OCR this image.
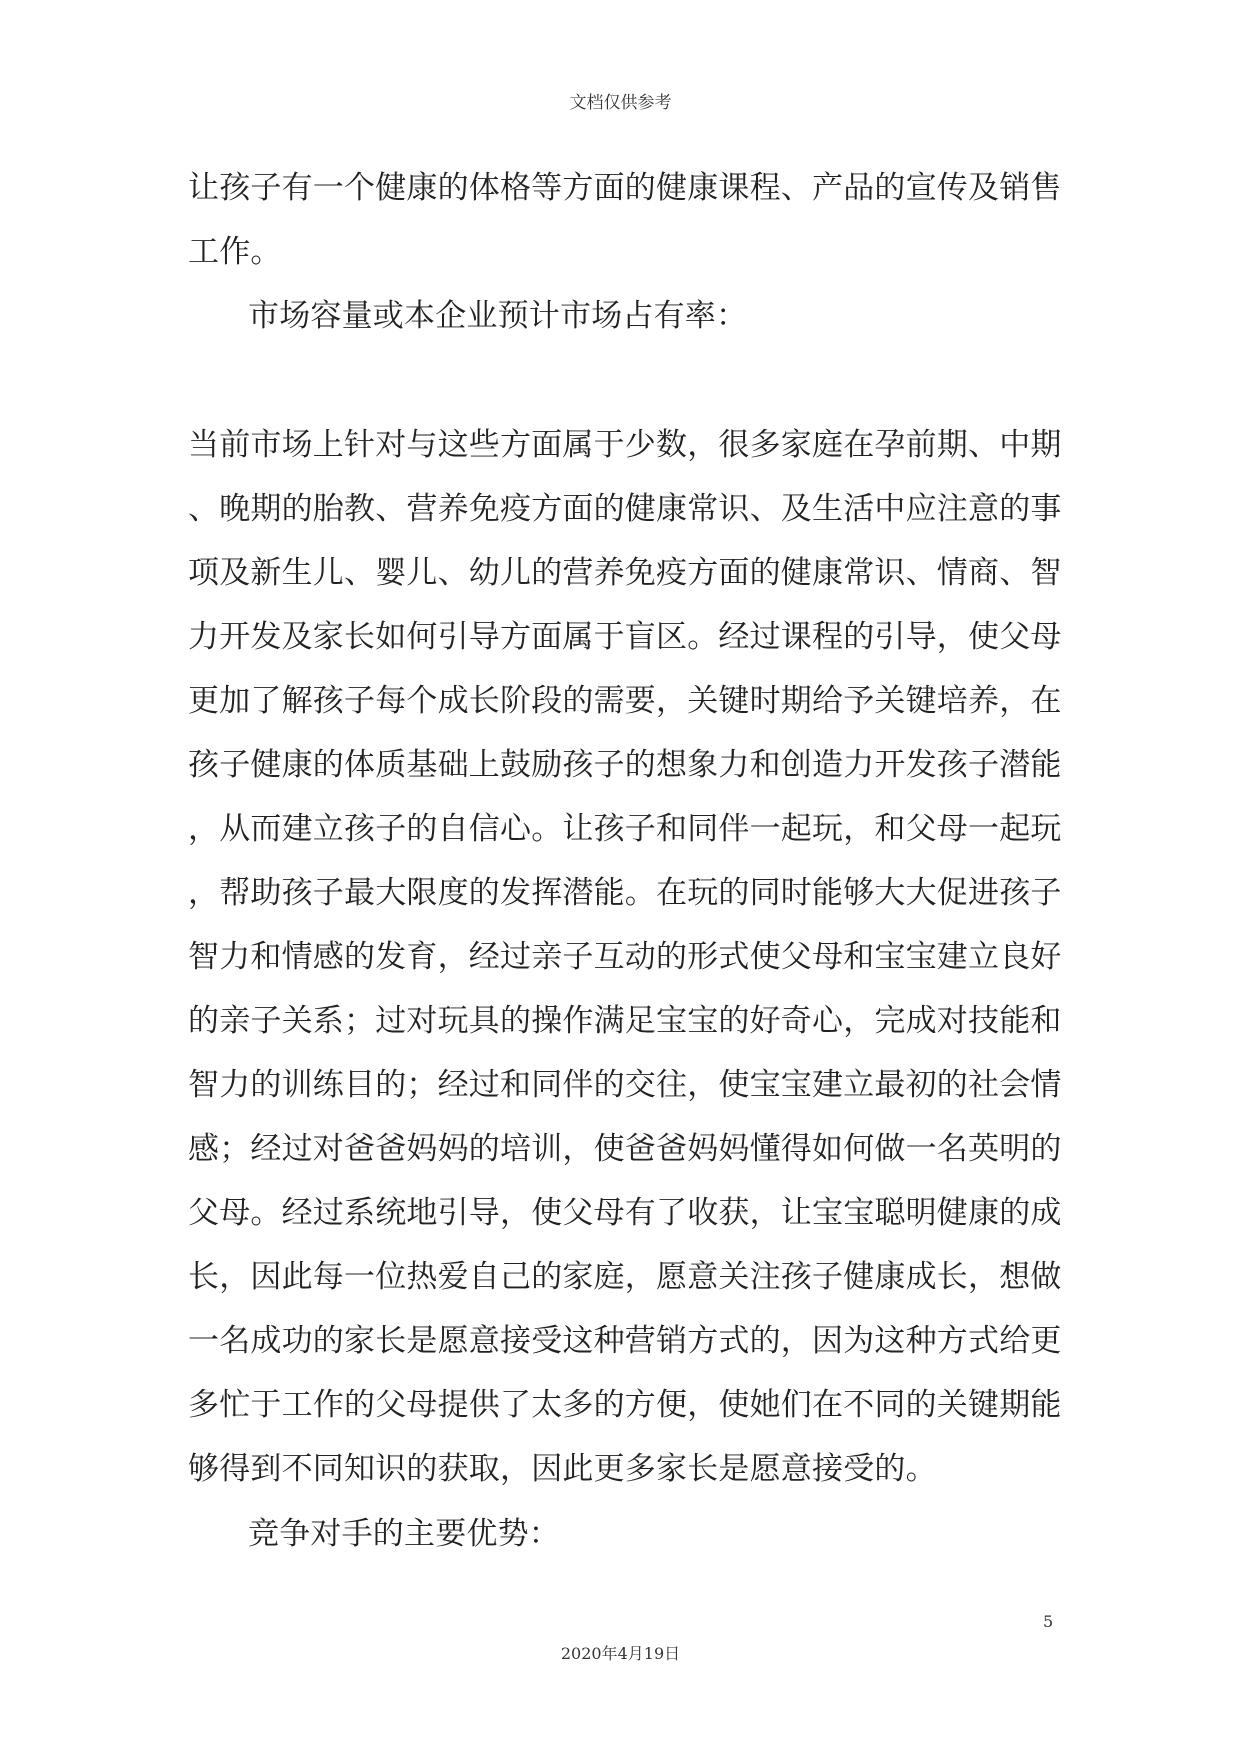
文档仅供参考
让孩子有一个健康的体格等方面的健康课程、产品的宣传及销售
工作。
市场容量或本企业预计市场占有率：
当前市场上针对与这些方面属于少数，很多家庭在孕前期、中期
、晚期的胎教、营养免疫方面的健康常识、及生活中应注意的事
项及新生儿、婴儿、幼儿的营养免疫方面的健康常识、情商、智
力开发及家长如何引导方面属于盲区。经过课程的引导，使父母
更加了解孩子每个成长阶段的需要，关键时期给予关键培养，在
孩子健康的体质基础上鼓励孩子的想象力和创造力开发孩子潜能
，从而建立孩子的自信心。让孩子和同伴一起玩，和父母一起玩
，帮助孩子最大限度的发挥潜能。在玩的同时能够大大促进孩子
智力和情感的发育，经过亲子互动的形式使父母和宝宝建立良好
的亲子关系；过对玩具的操作满足宝宝的好奇心，完成对技能和
智力的训练目的；经过和同伴的交往，使宝宝建立最初的社会情
感；经过对爸爸妈妈的培训，使爸爸妈妈懂得如何做一名英明的
父母。经过系统地引导，使父母有了收获，让宝宝聪明健康的成
长，因此每一位热爱自己的家庭，愿意关注孩子健康成长，想做
一名成功的家长是愿意接受这种营销方式的，因为这种方式给更
多忙于工作的父母提供了太多的方便，使她们在不同的关键期能
够得到不同知识的获取，因此更多家长是愿意接受的。
竞争对手的主要优势：
5
2020年4月19日
